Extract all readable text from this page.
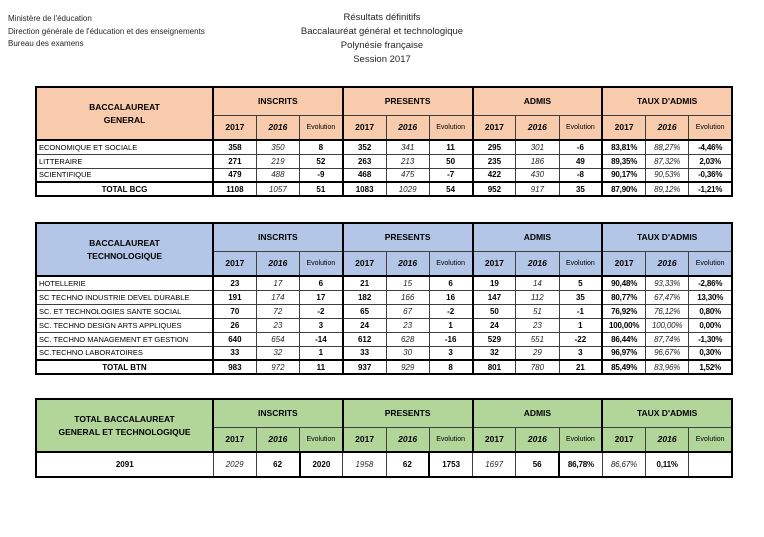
Ministère de l'éducation
Direction générale de l'éducation et des enseignements
Bureau des examens
Résultats définitifs
Baccalauréat général et technologique
Polynésie française
Session 2017
BACCALAUREAT
GENERAL	INSCRITS			PRESENTS			ADMIS			TAUX D'ADMIS		
	2017	2016	Evolution	2017	2016	Evolution	2017	2016	Evolution	2017	2016	Evolution
ECONOMIQUE ET SOCIALE	358	350	8	352	341	11	295	301	-6	83,81%	88,27%	-4,46%
LITTERAIRE	271	219	52	263	213	50	235	186	49	89,35%	87,32%	2,03%
SCIENTIFIQUE	479	488	-9	468	475	-7	422	430	-8	90,17%	90,53%	-0,36%
TOTAL BCG	1108	1057	51	1083	1029	54	952	917	35	87,90%	89,12%	-1,21%
BACCALAUREAT
TECHNOLOGIQUE	INSCRITS			PRESENTS			ADMIS			TAUX D'ADMIS		
	2017	2016	Evolution	2017	2016	Evolution	2017	2016	Evolution	2017	2016	Evolution
HOTELLERIE	23	17	6	21	15	6	19	14	5	90,48%	93,33%	-2,86%
SC TECHNO INDUSTRIE DEVEL DURABLE	191	174	17	182	166	16	147	112	35	80,77%	67,47%	13,30%
SC. ET TECHNOLOGIES SANTE SOCIAL	70	72	-2	65	67	-2	50	51	-1	76,92%	76,12%	0,80%
SC. TECHNO DESIGN ARTS APPLIQUES	26	23	3	24	23	1	24	23	1	100,00%	100,00%	0,00%
SC. TECHNO MANAGEMENT ET GESTION	640	654	-14	612	628	-16	529	551	-22	86,44%	87,74%	-1,30%
SC.TECHNO LABORATOIRES	33	32	1	33	30	3	32	29	3	96,97%	96,67%	0,30%
TOTAL BTN	983	972	11	937	929	8	801	780	21	85,49%	83,96%	1,52%
TOTAL BACCALAUREAT
GENERAL ET TECHNOLOGIQUE	INSCRITS			PRESENTS			ADMIS			TAUX D'ADMIS		
	2017	2016	Evolution	2017	2016	Evolution	2017	2016	Evolution	2017	2016	Evolution
2091	2029	62	2020	1958	62	1753	1697	56	86,78%	86,67%	0,11%	
